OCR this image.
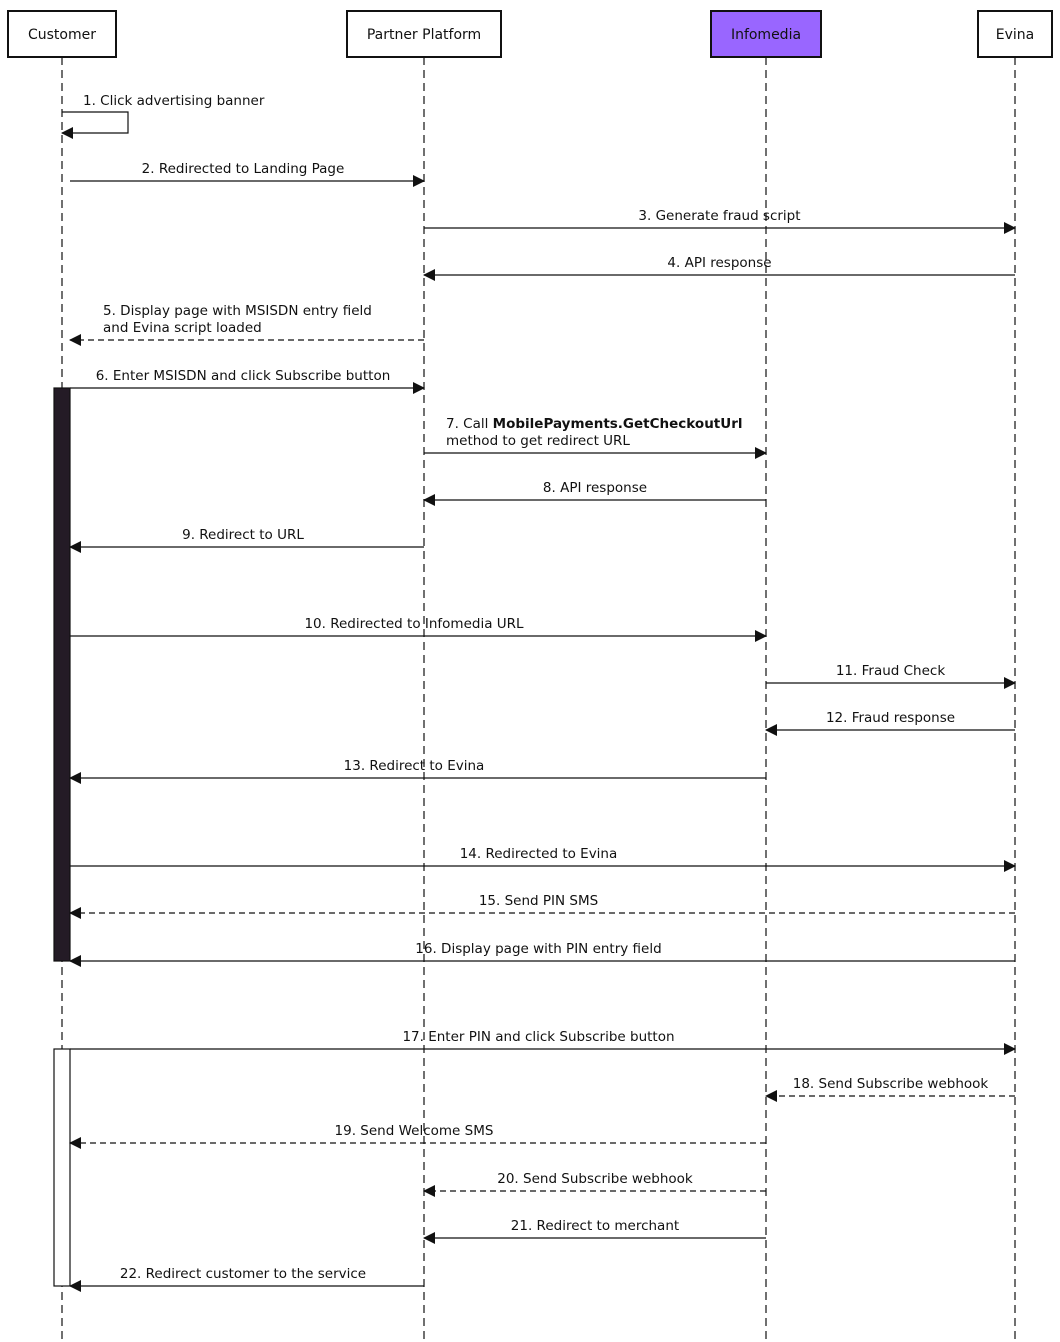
1. Click advertising banner
2. Redirected to Landing Page
3. Generate fraud script
4. API response
5. Display page with MSISDN entry field
and Evina script loaded
6. Enter MSISDN and click Subscribe button
7. Call MobilePayments.GetCheckoutUrl
method to get redirect URL
8. API response
9. Redirect to URL
10. Redirected to Infomedia URL
11. Fraud Check
12. Fraud response
13. Redirect to Evina
14. Redirected to Evina
15. Send PIN SMS
16. Display page with PIN entry field
17. Enter PIN and click Subscribe button
18. Send Subscribe webhook
19. Send Welcome SMS
20. Send Subscribe webhook
21. Redirect to merchant
22. Redirect customer to the service
Customer	Partner Platform	Infomedia	Evina
